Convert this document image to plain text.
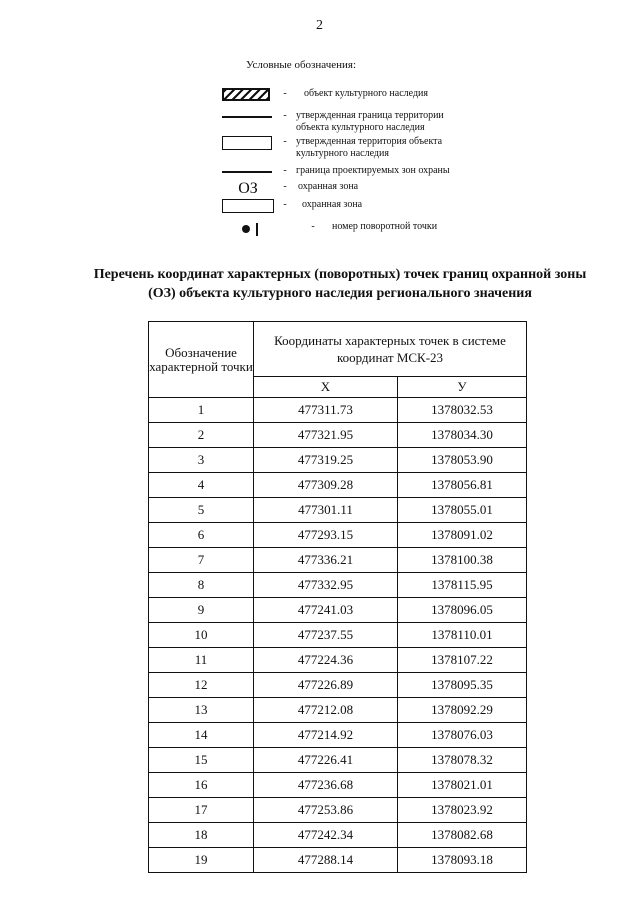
2
Условные обозначения:
-	объект культурного наследия
- утвержденная граница территории объекта культурного наследия
- утвержденная территория объекта культурного наследия
- граница проектируемых зон охраны
ОЗ	-	охранная зона
-	охранная зона
-	номер поворотной точки
Перечень координат характерных (поворотных) точек границ охранной зоны (ОЗ) объекта культурного наследия регионального значения
Обозначение характерной точки	Координаты характерных точек в системе координат МСК-23	
	X	У
1	477311.73	1378032.53
2	477321.95	1378034.30
3	477319.25	1378053.90
4	477309.28	1378056.81
5	477301.11	1378055.01
6	477293.15	1378091.02
7	477336.21	1378100.38
8	477332.95	1378115.95
9	477241.03	1378096.05
10	477237.55	1378110.01
11	477224.36	1378107.22
12	477226.89	1378095.35
13	477212.08	1378092.29
14	477214.92	1378076.03
15	477226.41	1378078.32
16	477236.68	1378021.01
17	477253.86	1378023.92
18	477242.34	1378082.68
19	477288.14	1378093.18
